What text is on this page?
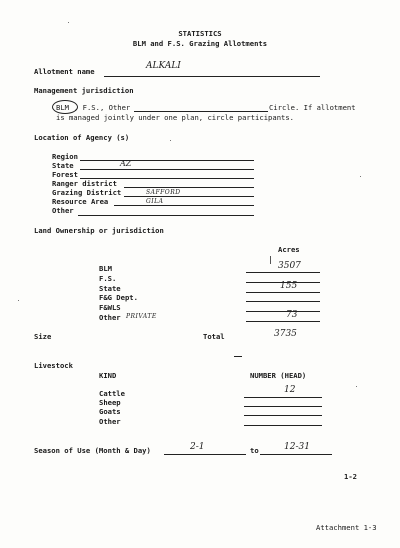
STATISTICS
BLM and F.S. Grazing Allotments
Allotment name
ALKALI
Management jurisdiction
BLM , F.S., Other	Circle. If allotment
is managed jointly under one plan, circle participants.
Location of Agency (s)
Region
State	AZ
Forest
Ranger district
Grazing District	SAFFORD
Resource Area	GILA
Other
Land Ownership or jurisdiction
Acres
BLM	3507
F.S.
State	155
F&G Dept.
F&WLS
Other PRIVATE	73
Size	Total	3735
Livestock
KIND	NUMBER (HEAD)
Cattle	12
Sheep
Goats
Other
Season of Use (Month & Day)	2-1	to	12-31
1-2
Attachment 1-3
